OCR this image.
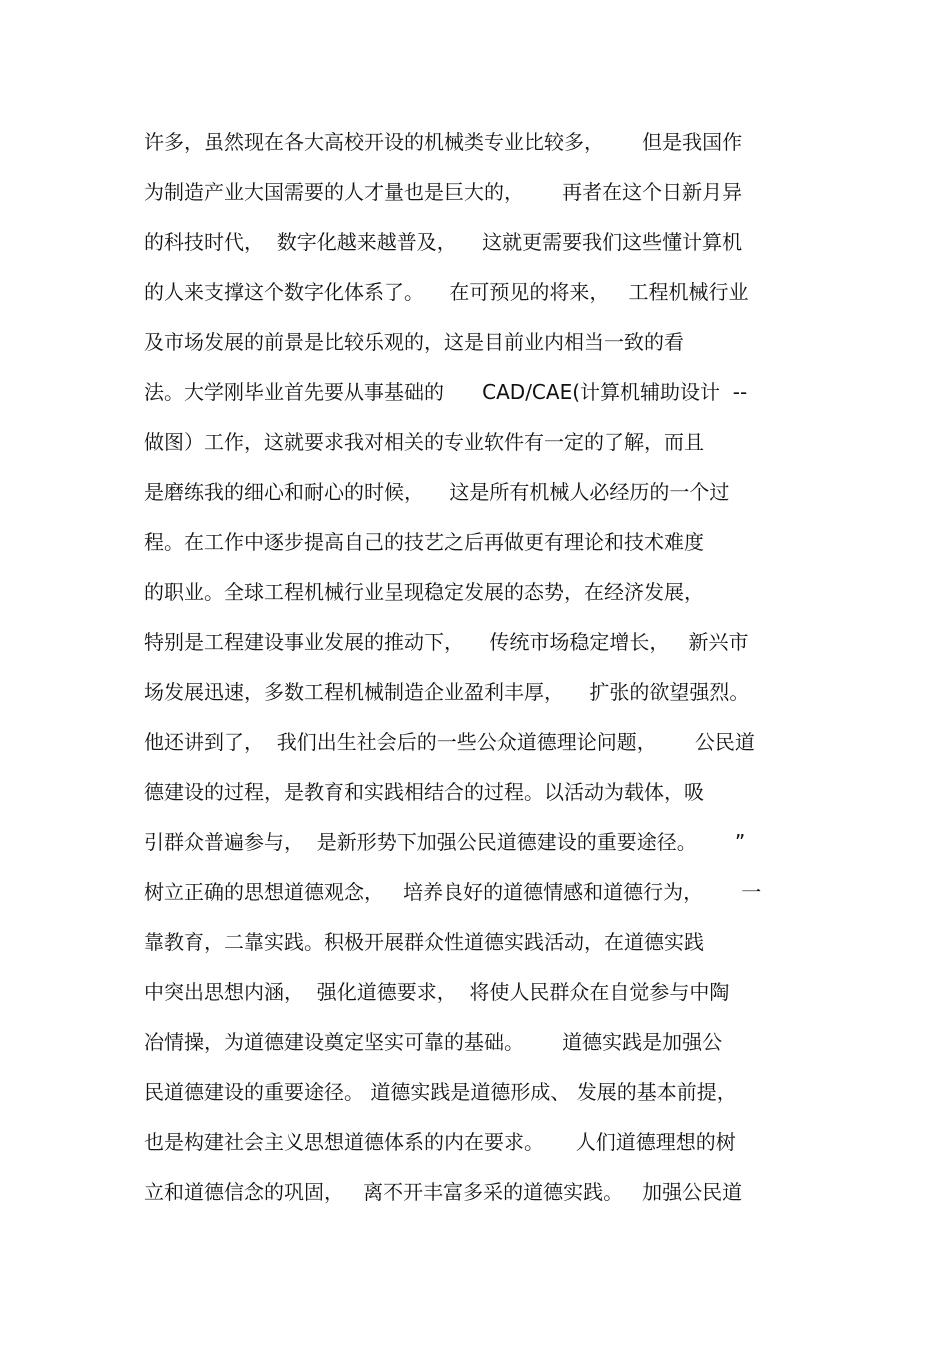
许多，虽然现在各大高校开设的机械类专业比较多，      但是我国作
为制造产业大国需要的人才量也是巨大的，      再者在这个日新月异
的科技时代，  数字化越来越普及，    这就更需要我们这些懂计算机
的人来支撑这个数字化体系了。    在可预见的将来，   工程机械行业
及市场发展的前景是比较乐观的，这是目前业内相当一致的看
法。大学刚毕业首先要从事基础的      CAD/CAE(计算机辅助设计  --
做图）工作，这就要求我对相关的专业软件有一定的了解，而且
是磨练我的细心和耐心的时候，    这是所有机械人必经历的一个过
程。在工作中逐步提高自己的技艺之后再做更有理论和技术难度
的职业。全球工程机械行业呈现稳定发展的态势，在经济发展，
特别是工程建设事业发展的推动下，    传统市场稳定增长，   新兴市
场发展迅速，多数工程机械制造企业盈利丰厚，    扩张的欲望强烈。
他还讲到了，  我们出生社会后的一些公众道德理论问题，      公民道
德建设的过程，是教育和实践相结合的过程。以活动为载体，吸
引群众普遍参与，  是新形势下加强公民道德建设的重要途径。      ”
树立正确的思想道德观念，   培养良好的道德情感和道德行为，      一
靠教育，二靠实践。积极开展群众性道德实践活动，在道德实践
中突出思想内涵，  强化道德要求，  将使人民群众在自觉参与中陶
冶情操，为道德建设奠定坚实可靠的基础。      道德实践是加强公
民道德建设的重要途径。 道德实践是道德形成、 发展的基本前提，
也是构建社会主义思想道德体系的内在要求。     人们道德理想的树
立和道德信念的巩固，   离不开丰富多采的道德实践。   加强公民道
